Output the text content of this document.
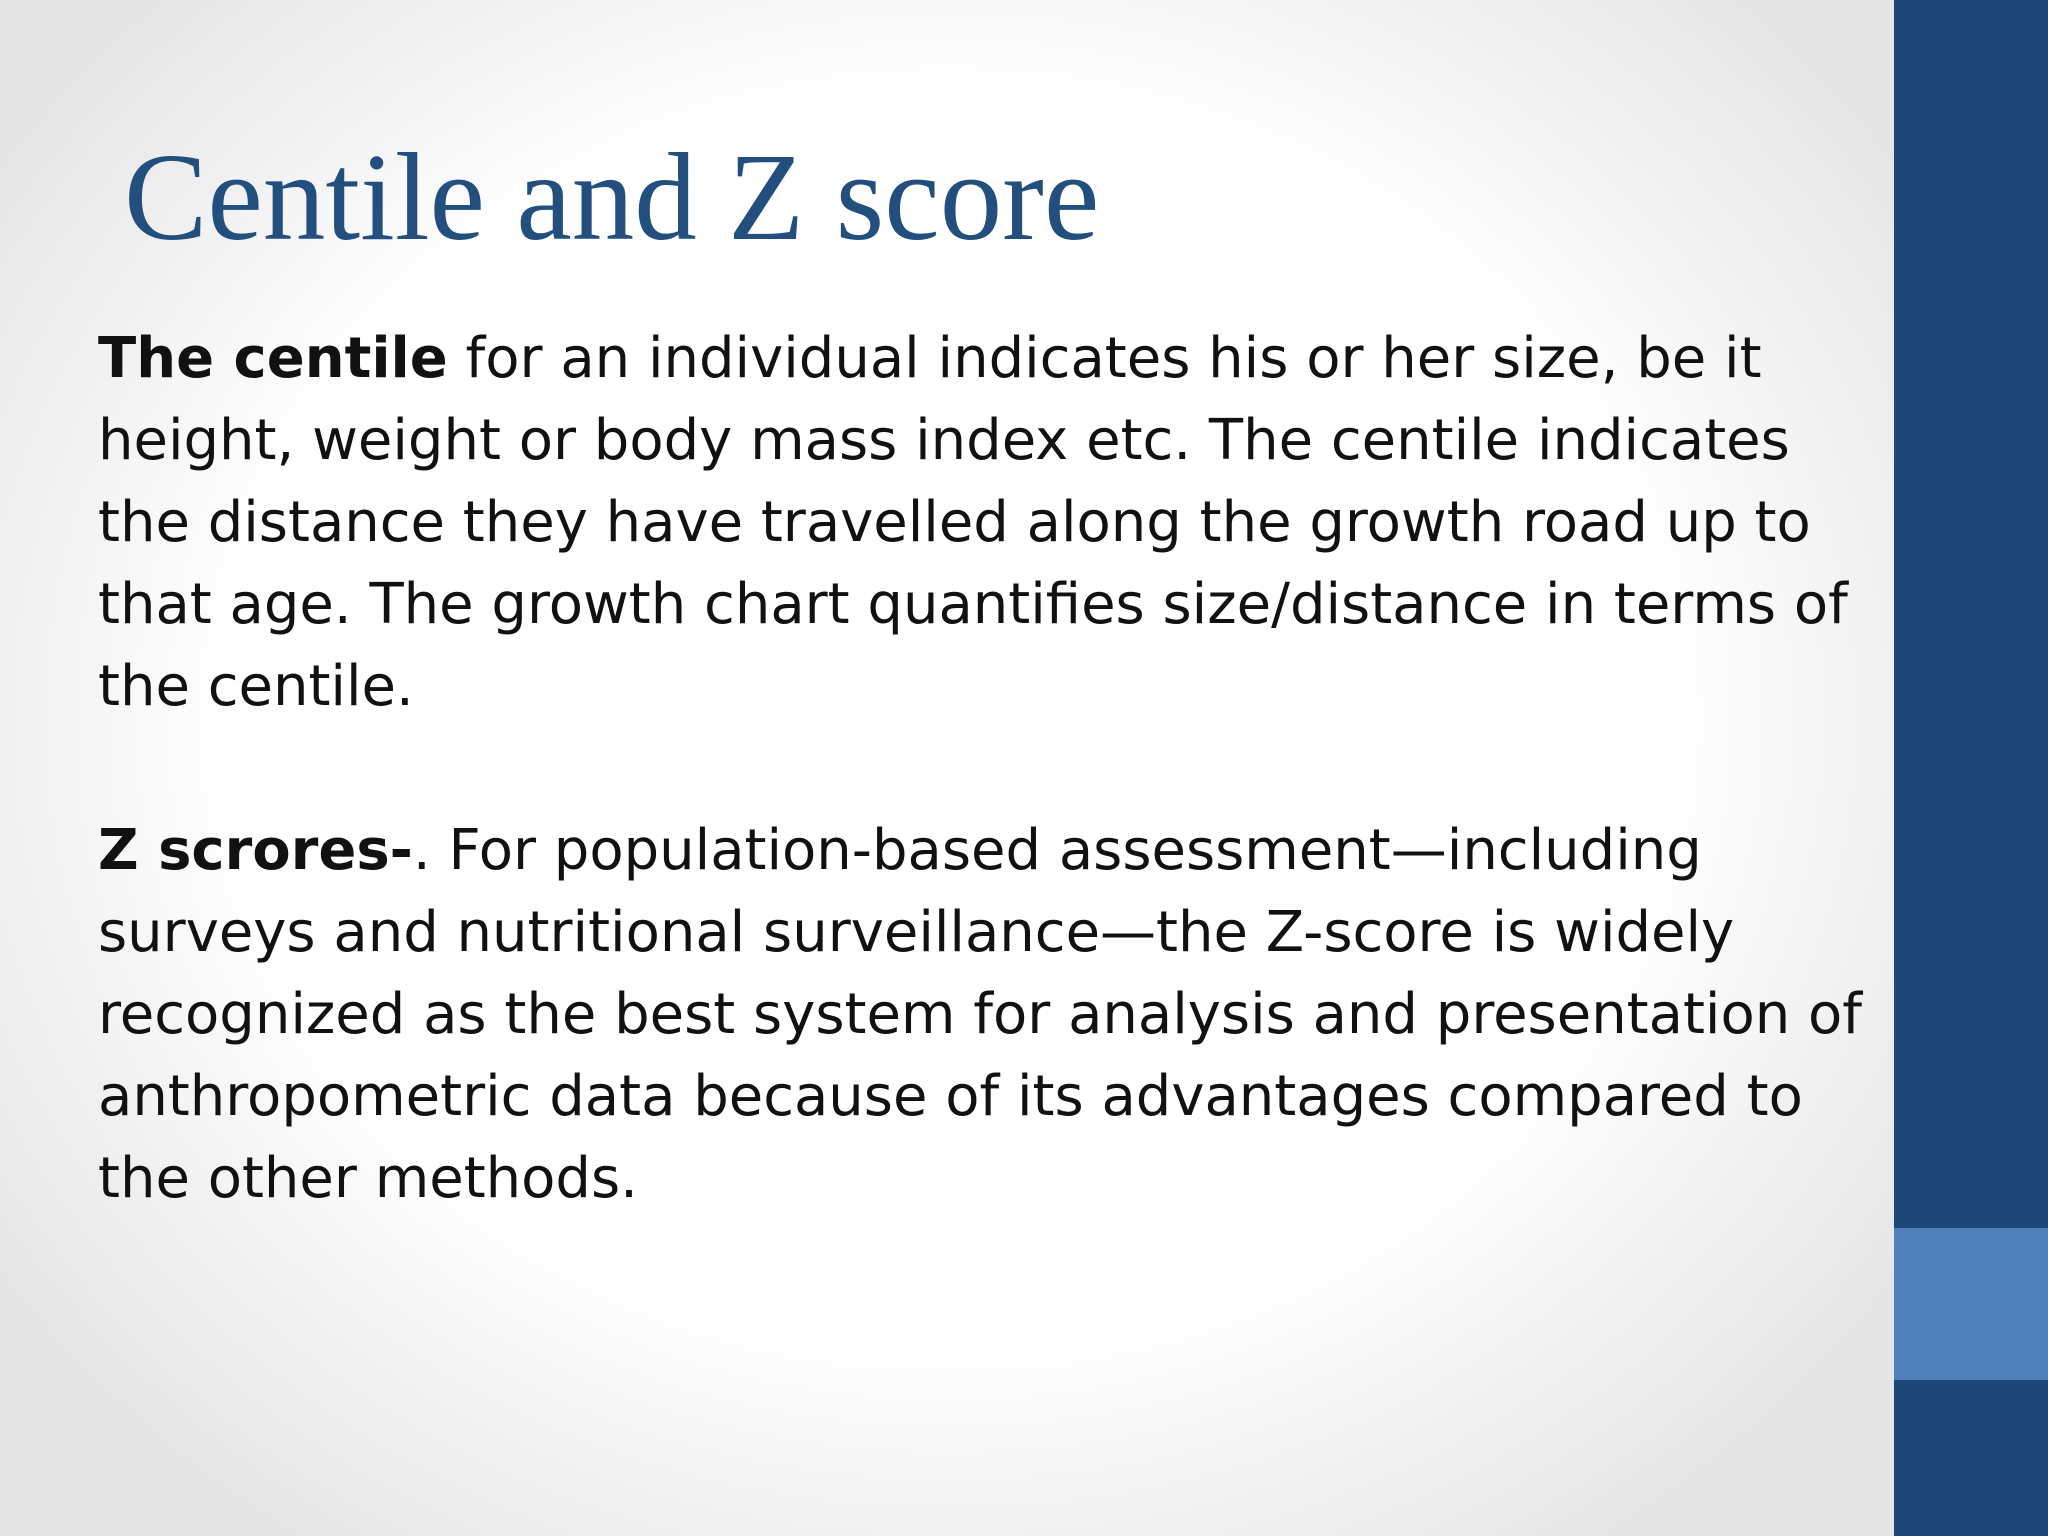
Centile and Z score

The centile for an individual indicates his or her size, be it height, weight or body mass index etc. The centile indicates the distance they have travelled along the growth road up to that age. The growth chart quantifies size/distance in terms of the centile.

Z scrores-. For population-based assessment—including surveys and nutritional surveillance—the Z-score is widely recognized as the best system for analysis and presentation of anthropometric data because of its advantages compared to the other methods.
